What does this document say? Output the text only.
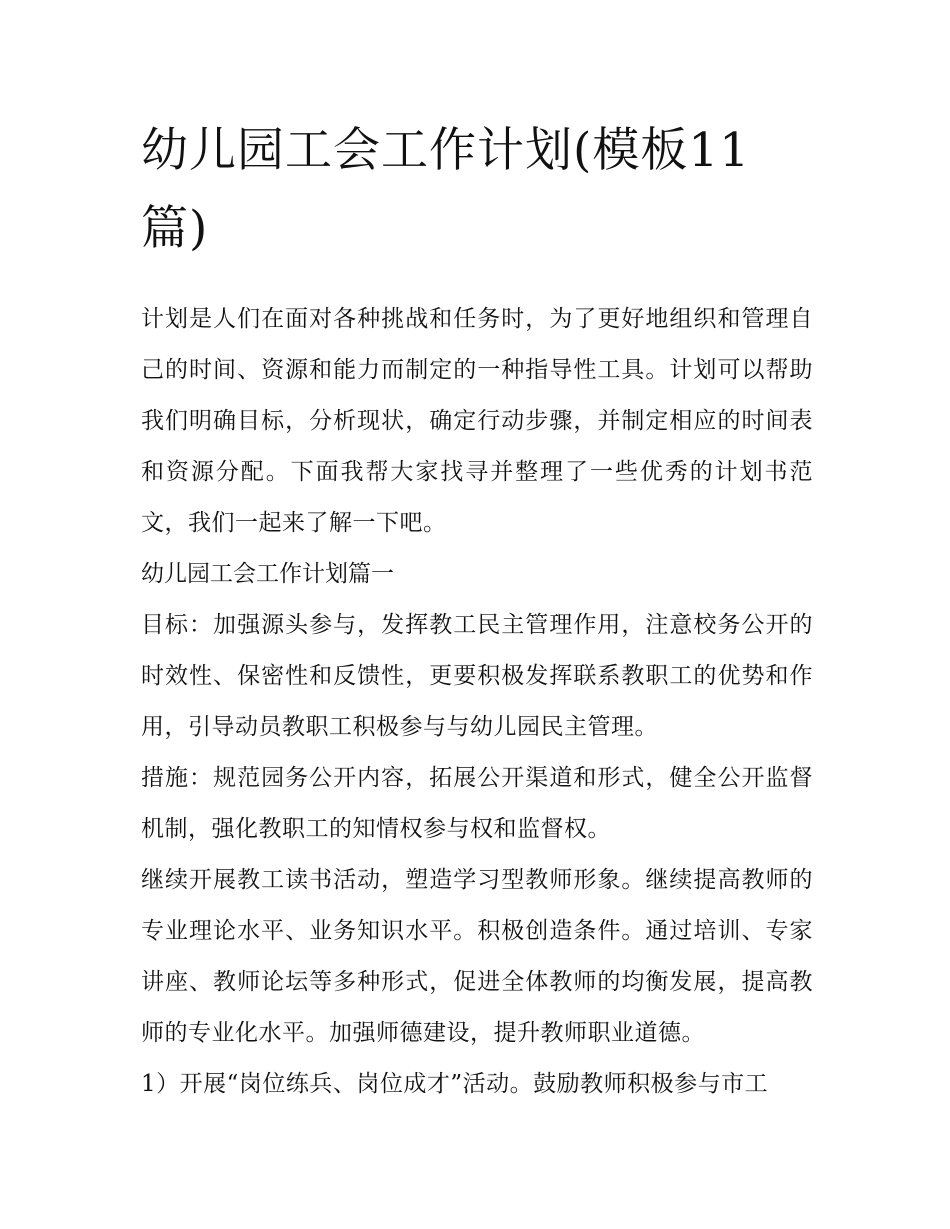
幼儿园工会工作计划(模板11篇)

计划是人们在面对各种挑战和任务时，为了更好地组织和管理自己的时间、资源和能力而制定的一种指导性工具。计划可以帮助我们明确目标，分析现状，确定行动步骤，并制定相应的时间表和资源分配。下面我帮大家找寻并整理了一些优秀的计划书范文，我们一起来了解一下吧。

幼儿园工会工作计划篇一

目标：加强源头参与，发挥教工民主管理作用，注意校务公开的时效性、保密性和反馈性，更要积极发挥联系教职工的优势和作用，引导动员教职工积极参与与幼儿园民主管理。

措施：规范园务公开内容，拓展公开渠道和形式，健全公开监督机制，强化教职工的知情权参与权和监督权。

继续开展教工读书活动，塑造学习型教师形象。继续提高教师的专业理论水平、业务知识水平。积极创造条件。通过培训、专家讲座、教师论坛等多种形式，促进全体教师的均衡发展，提高教师的专业化水平。加强师德建设，提升教师职业道德。

1）开展“岗位练兵、岗位成才”活动。鼓励教师积极参与市工
